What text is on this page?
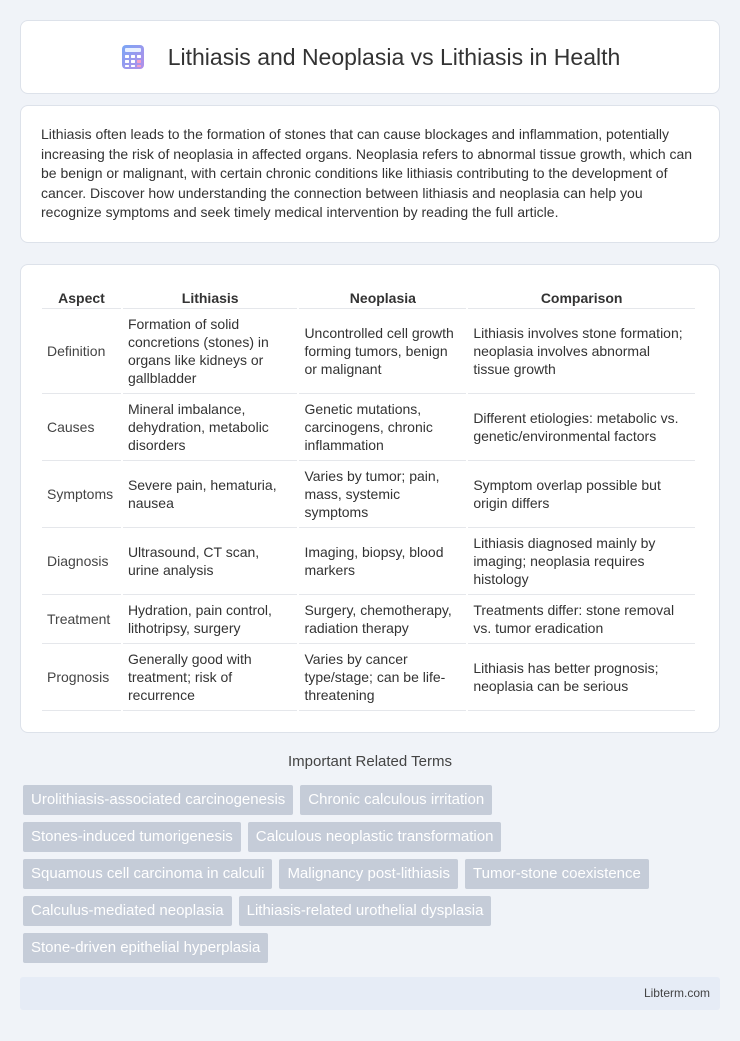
Lithiasis and Neoplasia vs Lithiasis in Health

Lithiasis often leads to the formation of stones that can cause blockages and inflammation, potentially increasing the risk of neoplasia in affected organs. Neoplasia refers to abnormal tissue growth, which can be benign or malignant, with certain chronic conditions like lithiasis contributing to the development of cancer. Discover how understanding the connection between lithiasis and neoplasia can help you recognize symptoms and seek timely medical intervention by reading the full article.

Aspect	Lithiasis	Neoplasia	Comparison
Definition	Formation of solid concretions (stones) in organs like kidneys or gallbladder	Uncontrolled cell growth forming tumors, benign or malignant	Lithiasis involves stone formation; neoplasia involves abnormal tissue growth
Causes	Mineral imbalance, dehydration, metabolic disorders	Genetic mutations, carcinogens, chronic inflammation	Different etiologies: metabolic vs. genetic/environmental factors
Symptoms	Severe pain, hematuria, nausea	Varies by tumor; pain, mass, systemic symptoms	Symptom overlap possible but origin differs
Diagnosis	Ultrasound, CT scan, urine analysis	Imaging, biopsy, blood markers	Lithiasis diagnosed mainly by imaging; neoplasia requires histology
Treatment	Hydration, pain control, lithotripsy, surgery	Surgery, chemotherapy, radiation therapy	Treatments differ: stone removal vs. tumor eradication
Prognosis	Generally good with treatment; risk of recurrence	Varies by cancer type/stage; can be life-threatening	Lithiasis has better prognosis; neoplasia can be serious
Important Related Terms
Urolithiasis-associated carcinogenesis	Chronic calculous irritation
Stones-induced tumorigenesis	Calculous neoplastic transformation
Squamous cell carcinoma in calculi	Malignancy post-lithiasis	Tumor-stone coexistence
Calculus-mediated neoplasia	Lithiasis-related urothelial dysplasia
Stone-driven epithelial hyperplasia
Libterm.com
